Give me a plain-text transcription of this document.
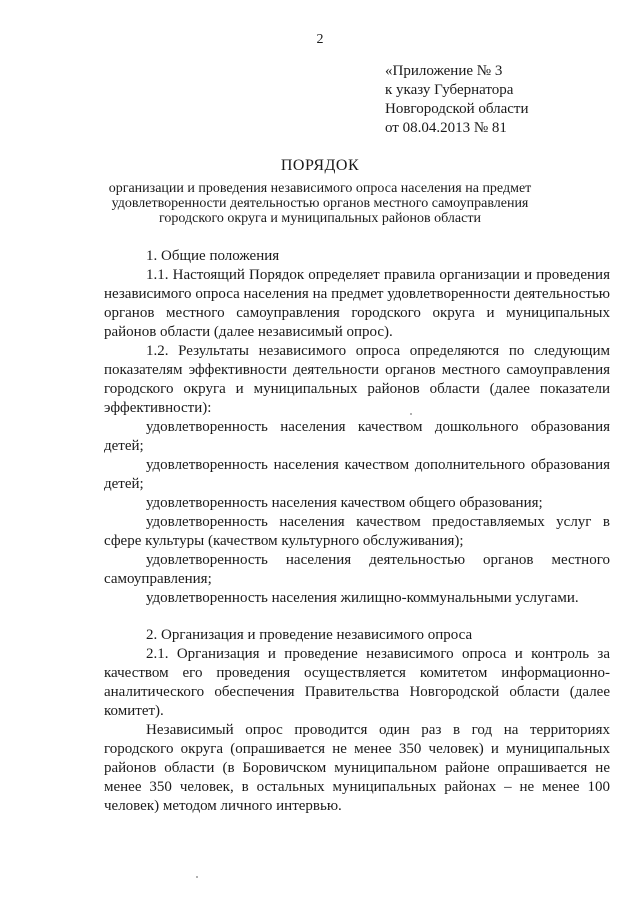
2
«Приложение № 3
к указу Губернатора
Новгородской области
от 08.04.2013 № 81
ПОРЯДОК
организации и проведения независимого опроса населения на предмет удовлетворенности деятельностью органов местного самоуправления городского округа и муниципальных районов области
1. Общие положения

1.1. Настоящий Порядок определяет правила организации и проведения независимого опроса населения на предмет удовлетворенности деятельностью органов местного самоуправления городского округа и муниципальных районов области (далее независимый опрос).

1.2. Результаты независимого опроса определяются по следующим показателям эффективности деятельности органов местного самоуправления городского округа и муниципальных районов области (далее показатели эффективности):

удовлетворенность населения качеством дошкольного образования детей;

удовлетворенность населения качеством дополнительного образования детей;

удовлетворенность населения качеством общего образования;

удовлетворенность населения качеством предоставляемых услуг в сфере культуры (качеством культурного обслуживания);

удовлетворенность населения деятельностью органов местного самоуправления;

удовлетворенность населения жилищно-коммунальными услугами.

2. Организация и проведение независимого опроса

2.1. Организация и проведение независимого опроса и контроль за качеством его проведения осуществляется комитетом информационно-аналитического обеспечения Правительства Новгородской области (далее комитет).

Независимый опрос проводится один раз в год на территориях городского округа (опрашивается не менее 350 человек) и муниципальных районов области (в Боровичском муниципальном районе опрашивается не менее 350 человек, в остальных муниципальных районах – не менее 100 человек) методом личного интервью.
